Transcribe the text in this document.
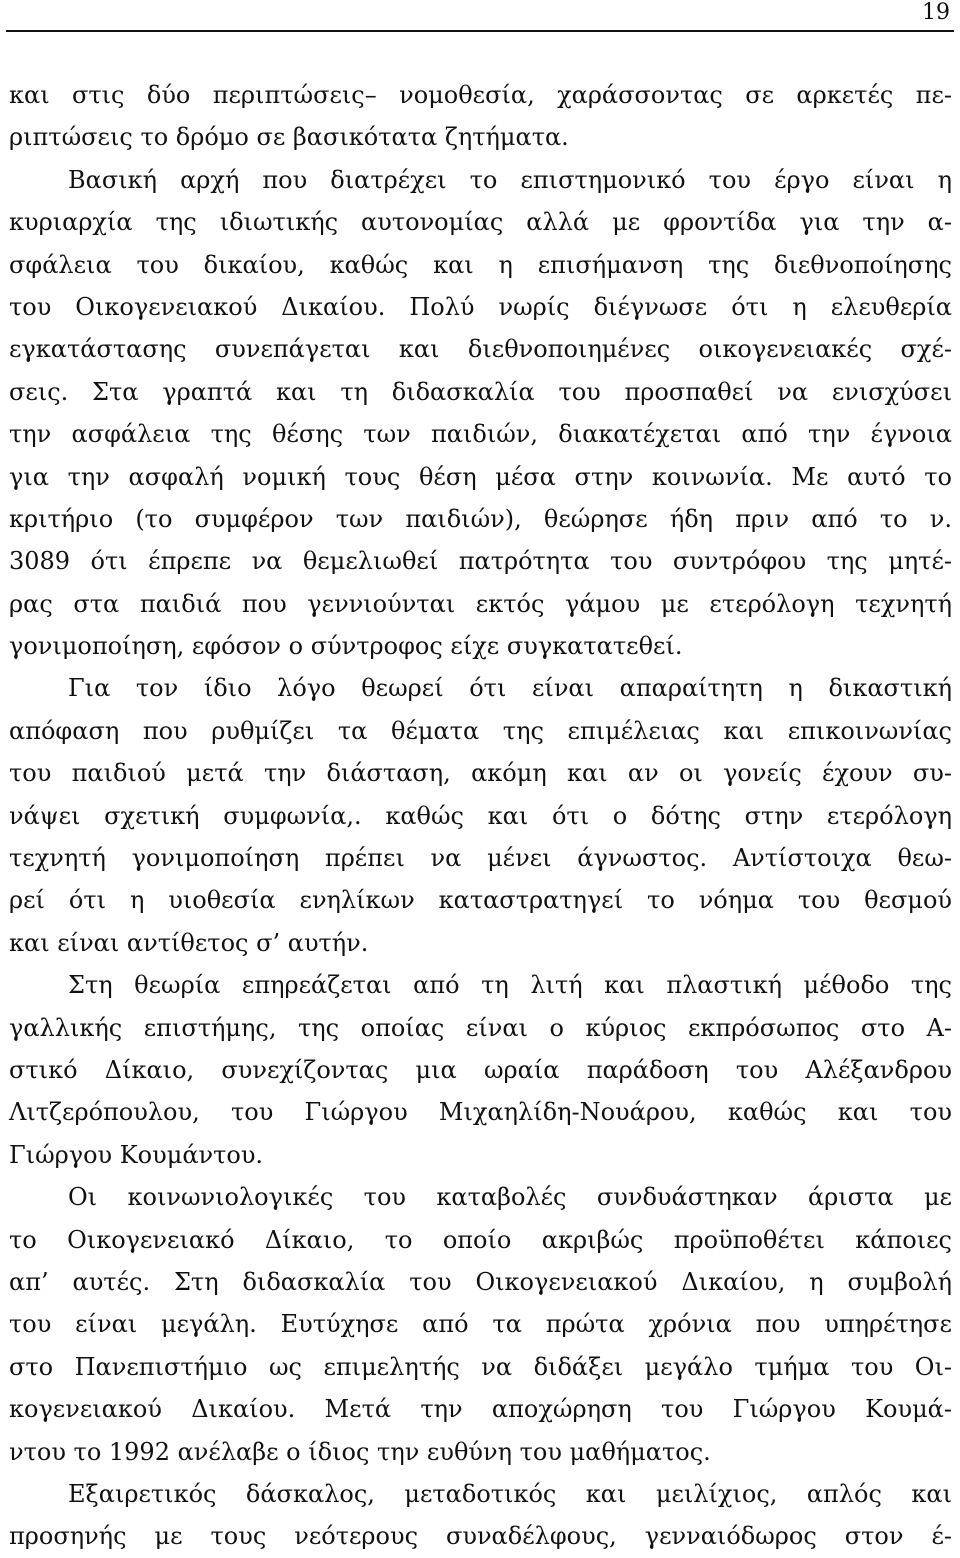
19
και στις δύο περιπτώσεις– νομοθεσία, χαράσσοντας σε αρκετές πε-
ριπτώσεις το δρόμο σε βασικότατα ζητήματα.
Βασική αρχή που διατρέχει το επιστημονικό του έργο είναι η
κυριαρχία της ιδιωτικής αυτονομίας αλλά με φροντίδα για την α-
σφάλεια του δικαίου, καθώς και η επισήμανση της διεθνοποίησης
του Οικογενειακού Δικαίου. Πολύ νωρίς διέγνωσε ότι η ελευθερία
εγκατάστασης συνεπάγεται και διεθνοποιημένες οικογενειακές σχέ-
σεις. Στα γραπτά και τη διδασκαλία του προσπαθεί να ενισχύσει
την ασφάλεια της θέσης των παιδιών, διακατέχεται από την έγνοια
για την ασφαλή νομική τους θέση μέσα στην κοινωνία. Με αυτό το
κριτήριο (το συμφέρον των παιδιών), θεώρησε ήδη πριν από το ν.
3089 ότι έπρεπε να θεμελιωθεί πατρότητα του συντρόφου της μητέ-
ρας στα παιδιά που γεννιούνται εκτός γάμου με ετερόλογη τεχνητή
γονιμοποίηση, εφόσον ο σύντροφος είχε συγκατατεθεί.
Για τον ίδιο λόγο θεωρεί ότι είναι απαραίτητη η δικαστική
απόφαση που ρυθμίζει τα θέματα της επιμέλειας και επικοινωνίας
του παιδιού μετά την διάσταση, ακόμη και αν οι γονείς έχουν συ-
νάψει σχετική συμφωνία,. καθώς και ότι ο δότης στην ετερόλογη
τεχνητή γονιμοποίηση πρέπει να μένει άγνωστος. Αντίστοιχα θεω-
ρεί ότι η υιοθεσία ενηλίκων καταστρατηγεί το νόημα του θεσμού
και είναι αντίθετος σ’ αυτήν.
Στη θεωρία επηρεάζεται από τη λιτή και πλαστική μέθοδο της
γαλλικής επιστήμης, της οποίας είναι ο κύριος εκπρόσωπος στο Α-
στικό Δίκαιο, συνεχίζοντας μια ωραία παράδοση του Αλέξανδρου
Λιτζερόπουλου, του Γιώργου Μιχαηλίδη-Νουάρου, καθώς και του
Γιώργου Κουμάντου.
Οι κοινωνιολογικές του καταβολές συνδυάστηκαν άριστα με
το Οικογενειακό Δίκαιο, το οποίο ακριβώς προϋποθέτει κάποιες
απ’ αυτές. Στη διδασκαλία του Οικογενειακού Δικαίου, η συμβολή
του είναι μεγάλη. Ευτύχησε από τα πρώτα χρόνια που υπηρέτησε
στο Πανεπιστήμιο ως επιμελητής να διδάξει μεγάλο τμήμα του Οι-
κογενειακού Δικαίου. Μετά την αποχώρηση του Γιώργου Κουμά-
ντου το 1992 ανέλαβε ο ίδιος την ευθύνη του μαθήματος.
Εξαιρετικός δάσκαλος, μεταδοτικός και μειλίχιος, απλός και
προσηνής με τους νεότερους συναδέλφους, γενναιόδωρος στον έ-
